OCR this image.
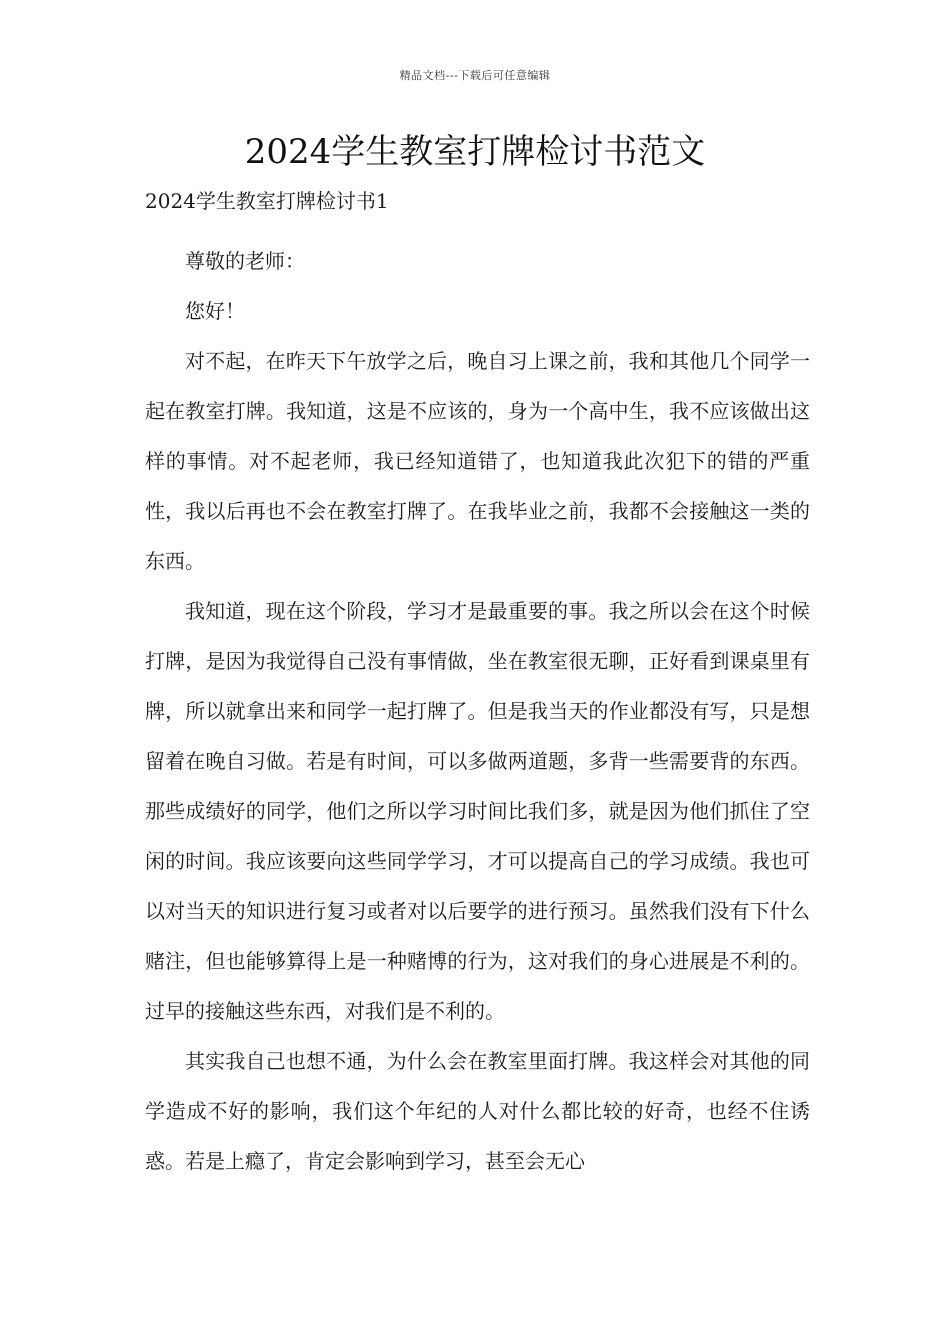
精品文档---下载后可任意编辑
2024学生教室打牌检讨书范文

2024学生教室打牌检讨书1

尊敬的老师：

您好！

对不起，在昨天下午放学之后，晚自习上课之前，我和其他几个同学一起在教室打牌。我知道，这是不应该的，身为一个高中生，我不应该做出这样的事情。对不起老师，我已经知道错了，也知道我此次犯下的错的严重性，我以后再也不会在教室打牌了。在我毕业之前，我都不会接触这一类的东西。

我知道，现在这个阶段，学习才是最重要的事。我之所以会在这个时候打牌，是因为我觉得自己没有事情做，坐在教室很无聊，正好看到课桌里有牌，所以就拿出来和同学一起打牌了。但是我当天的作业都没有写，只是想留着在晚自习做。若是有时间，可以多做两道题，多背一些需要背的东西。那些成绩好的同学，他们之所以学习时间比我们多，就是因为他们抓住了空闲的时间。我应该要向这些同学学习，才可以提高自己的学习成绩。我也可以对当天的知识进行复习或者对以后要学的进行预习。虽然我们没有下什么赌注，但也能够算得上是一种赌博的行为，这对我们的身心进展是不利的。过早的接触这些东西，对我们是不利的。

其实我自己也想不通，为什么会在教室里面打牌。我这样会对其他的同学造成不好的影响，我们这个年纪的人对什么都比较的好奇，也经不住诱惑。若是上瘾了，肯定会影响到学习，甚至会无心
